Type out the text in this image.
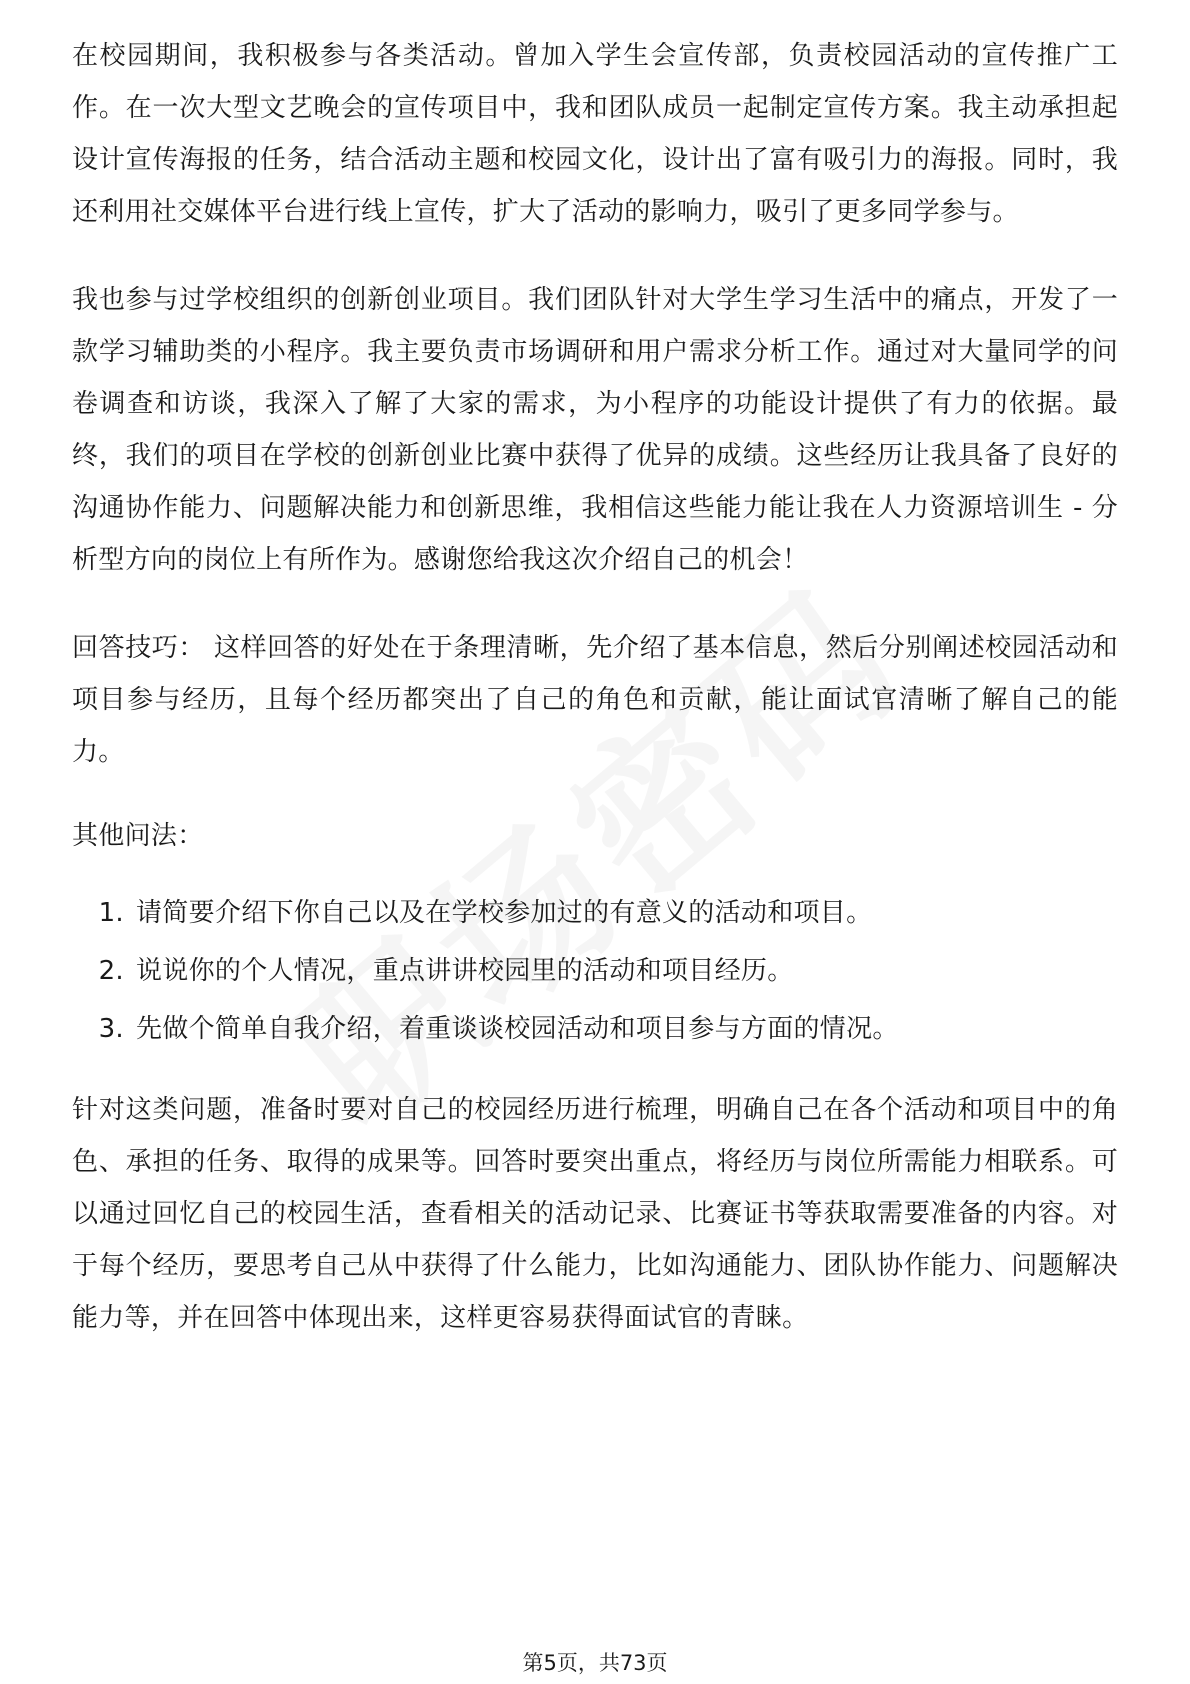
在校园期间，我积极参与各类活动。曾加入学生会宣传部，负责校园活动的宣传推广工作。在一次大型文艺晚会的宣传项目中，我和团队成员一起制定宣传方案。我主动承担起设计宣传海报的任务，结合活动主题和校园文化，设计出了富有吸引力的海报。同时，我还利用社交媒体平台进行线上宣传，扩大了活动的影响力，吸引了更多同学参与。

我也参与过学校组织的创新创业项目。我们团队针对大学生学习生活中的痛点，开发了一款学习辅助类的小程序。我主要负责市场调研和用户需求分析工作。通过对大量同学的问卷调查和访谈，我深入了解了大家的需求，为小程序的功能设计提供了有力的依据。最终，我们的项目在学校的创新创业比赛中获得了优异的成绩。这些经历让我具备了良好的沟通协作能力、问题解决能力和创新思维，我相信这些能力能让我在人力资源培训生 - 分析型方向的岗位上有所作为。感谢您给我这次介绍自己的机会！

回答技巧： 这样回答的好处在于条理清晰，先介绍了基本信息，然后分别阐述校园活动和项目参与经历，且每个经历都突出了自己的角色和贡献，能让面试官清晰了解自己的能力。

其他问法：

1. 请简要介绍下你自己以及在学校参加过的有意义的活动和项目。
2. 说说你的个人情况，重点讲讲校园里的活动和项目经历。
3. 先做个简单自我介绍，着重谈谈校园活动和项目参与方面的情况。

针对这类问题，准备时要对自己的校园经历进行梳理，明确自己在各个活动和项目中的角色、承担的任务、取得的成果等。回答时要突出重点，将经历与岗位所需能力相联系。可以通过回忆自己的校园生活，查看相关的活动记录、比赛证书等获取需要准备的内容。对于每个经历，要思考自己从中获得了什么能力，比如沟通能力、团队协作能力、问题解决能力等，并在回答中体现出来，这样更容易获得面试官的青睐。

第5页，共73页
